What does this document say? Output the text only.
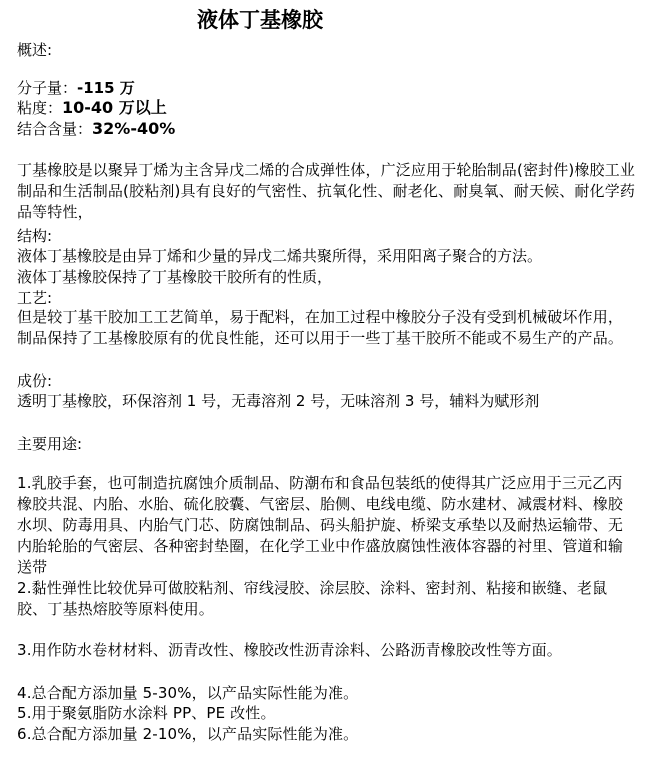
液体丁基橡胶
概述:
分子量：-115 万
粘度：10-40 万以上
结合含量：32%-40%
丁基橡胶是以聚异丁烯为主含异戊二烯的合成弹性体，广泛应用于轮胎制品(密封件)橡胶工业制品和生活制品(胶粘剂)具有良好的气密性、抗氧化性、耐老化、耐臭氧、耐天候、耐化学药品等特性，
结构:
液体丁基橡胶是由异丁烯和少量的异戊二烯共聚所得，采用阳离子聚合的方法。
液体丁基橡胶保持了丁基橡胶干胶所有的性质，
工艺:
但是较丁基干胶加工工艺简单，易于配料，在加工过程中橡胶分子没有受到机械破坏作用，制品保持了工基橡胶原有的优良性能，还可以用于一些丁基干胶所不能或不易生产的产品。
成份:
透明丁基橡胶，环保溶剂 1 号，无毒溶剂 2 号，无味溶剂 3 号，辅料为赋形剂
主要用途:
1.乳胶手套，也可制造抗腐蚀介质制品、防潮布和食品包装纸的使得其广泛应用于三元乙丙橡胶共混、内胎、水胎、硫化胶囊、气密层、胎侧、电线电缆、防水建材、减震材料、橡胶水坝、防毒用具、内胎气门芯、防腐蚀制品、码头船护旋、桥梁支承垫以及耐热运输带、无内胎轮胎的气密层、各种密封垫圈，在化学工业中作盛放腐蚀性液体容器的衬里、管道和输送带
2.黏性弹性比较优异可做胶粘剂、帘线浸胶、涂层胶、涂料、密封剂、粘接和嵌缝、老鼠胶、丁基热熔胶等原料使用。
3.用作防水卷材材料、沥青改性、橡胶改性沥青涂料、公路沥青橡胶改性等方面。
4.总合配方添加量 5-30%，以产品实际性能为准。
5.用于聚氨脂防水涂料 PP、PE 改性。
6.总合配方添加量 2-10%，以产品实际性能为准。
